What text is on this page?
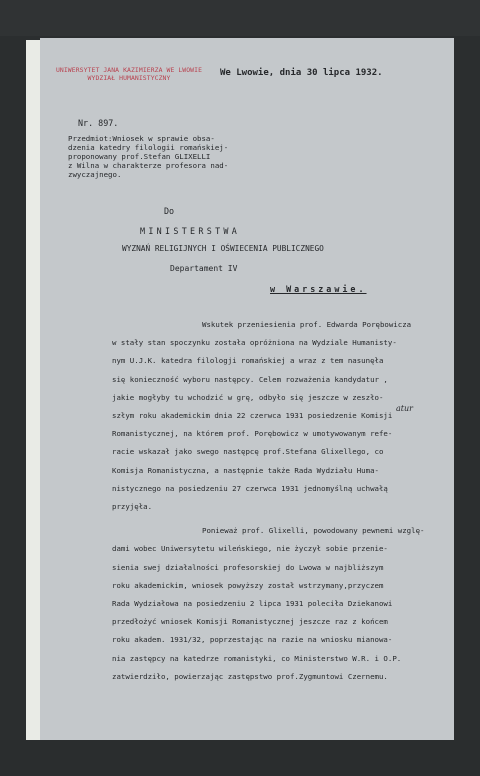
UNIWERSYTET JANA KAZIMIERZA WE LWOWIE
WYDZIAŁ HUMANISTYCZNY	We Lwowie, dnia 30 lipca 1932.
Nr. 897.
Przedmiot:Wniosek w sprawie obsa-
dzenia katedry filologii romańskiej-
proponowany prof.Stefan GLIXELLI
z Wilna w charakterze profesora nad-
zwyczajnego.
Do
MINISTERSTWA
WYZNAŃ RELIGIJNYCH I OŚWIECENIA PUBLICZNEGO
Departament IV
w Warszawie.
atur
Wskutek przeniesienia prof. Edwarda Porębowicza
w stały stan spoczynku została opróżniona na Wydziale Humanisty-
nym U.J.K. katedra filologji romańskiej a wraz z tem nasunęła
się konieczność wyboru następcy. Celem rozważenia kandydatur ,
jakie mogłyby tu wchodzić w grę, odbyło się jeszcze w zeszło-
szłym roku akademickim dnia 22 czerwca 1931 posiedzenie Komisji
Romanistycznej, na którem prof. Porębowicz w umotywowanym refe-
racie wskazał jako swego następcę prof.Stefana Glixellego, co
Komisja Romanistyczna, a następnie także Rada Wydziału Huma-
nistycznego na posiedzeniu 27 czerwca 1931 jednomyślną uchwałą
przyjęła.
Ponieważ prof. Glixelli, powodowany pewnemi wzglę-
dami wobec Uniwersytetu wileńskiego, nie życzył sobie przenie-
sienia swej działalności profesorskiej do Lwowa w najbliższym
roku akademickim, wniosek powyższy został wstrzymany,przyczem
Rada Wydziałowa na posiedzeniu 2 lipca 1931 poleciła Dziekanowi
przedłożyć wniosek Komisji Romanistycznej jeszcze raz z końcem
roku akadem. 1931/32, poprzestając na razie na wniosku mianowa-
nia zastępcy na katedrze romanistyki, co Ministerstwo W.R. i O.P.
zatwierdziło, powierzając zastępstwo prof.Zygmuntowi Czernemu.
